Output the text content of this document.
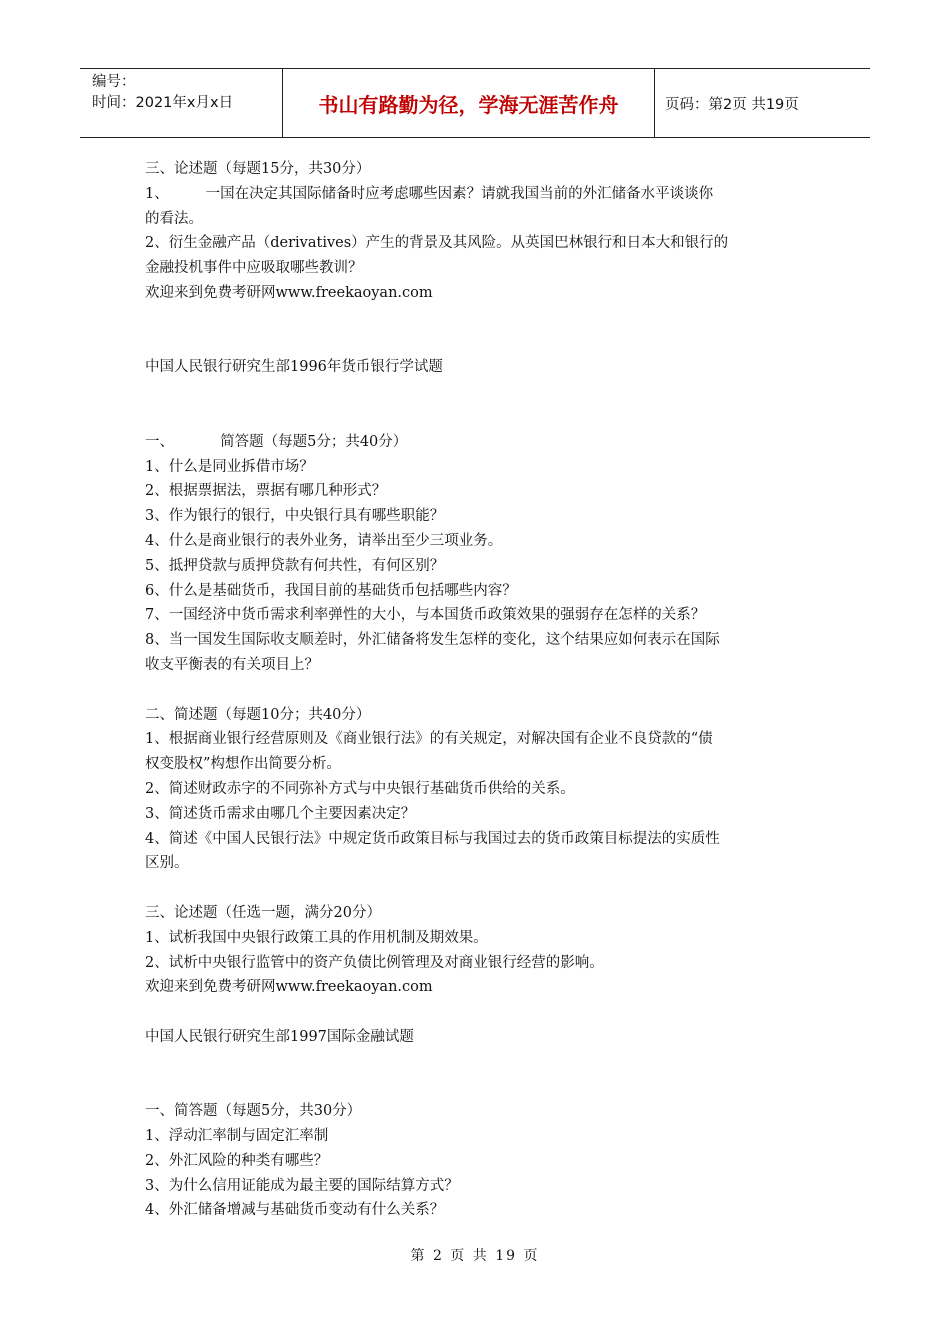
编号：
时间：2021年x月x日	书山有路勤为径，学海无涯苦作舟	页码：第2页 共19页

三、论述题（每题15分，共30分）

1、        一国在决定其国际储备时应考虑哪些因素？请就我国当前的外汇储备水平谈谈你

的看法。

2、衍生金融产品（derivatives）产生的背景及其风险。从英国巴林银行和日本大和银行的

金融投机事件中应吸取哪些教训？

欢迎来到免费考研网www.freekaoyan.com

中国人民银行研究生部1996年货币银行学试题

一、          简答题（每题5分；共40分）

1、什么是同业拆借市场？

2、根据票据法，票据有哪几种形式？

3、作为银行的银行，中央银行具有哪些职能？

4、什么是商业银行的表外业务，请举出至少三项业务。

5、抵押贷款与质押贷款有何共性，有何区别？

6、什么是基础货币，我国目前的基础货币包括哪些内容？

7、一国经济中货币需求利率弹性的大小，与本国货币政策效果的强弱存在怎样的关系？

8、当一国发生国际收支顺差时，外汇储备将发生怎样的变化，这个结果应如何表示在国际

收支平衡表的有关项目上？

二、简述题（每题10分；共40分）

1、根据商业银行经营原则及《商业银行法》的有关规定，对解决国有企业不良贷款的“债

权变股权”构想作出简要分析。

2、简述财政赤字的不同弥补方式与中央银行基础货币供给的关系。

3、简述货币需求由哪几个主要因素决定？

4、简述《中国人民银行法》中规定货币政策目标与我国过去的货币政策目标提法的实质性

区别。

三、论述题（任选一题，满分20分）

1、试析我国中央银行政策工具的作用机制及期效果。

2、试析中央银行监管中的资产负债比例管理及对商业银行经营的影响。

欢迎来到免费考研网www.freekaoyan.com

中国人民银行研究生部1997国际金融试题

一、简答题（每题5分，共30分）

1、浮动汇率制与固定汇率制

2、外汇风险的种类有哪些？

3、为什么信用证能成为最主要的国际结算方式？

4、外汇储备增减与基础货币变动有什么关系？

第 2 页 共 19 页
